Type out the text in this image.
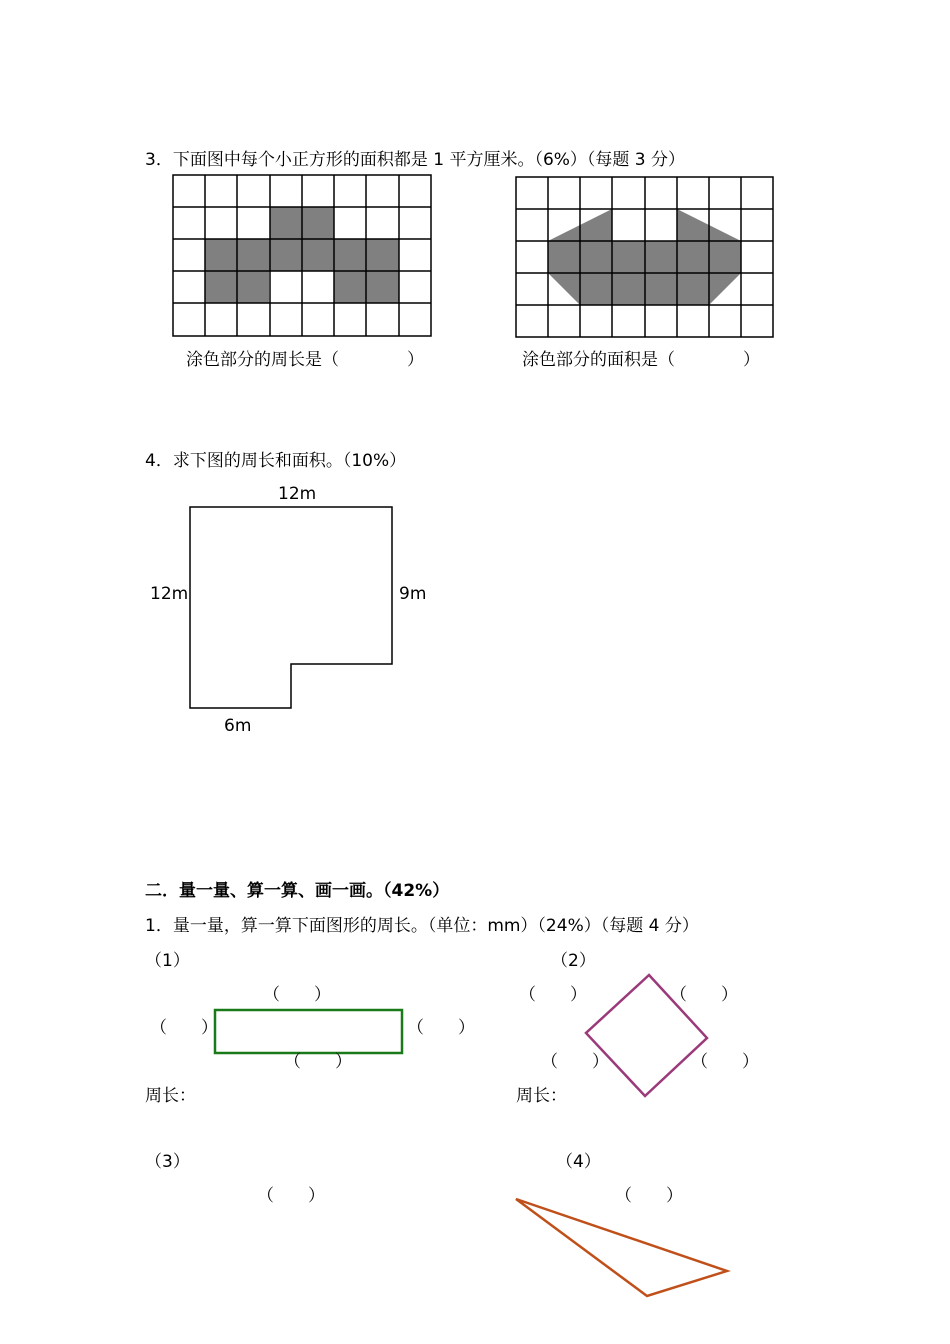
3．下面图中每个小正方形的面积都是 1 平方厘米。（6%）（每题 3 分）
涂色部分的周长是（　　　　）	涂色部分的面积是（　　　　）
4．求下图的周长和面积。（10%）
12m
12m	9m
6m
二．量一量、算一算、画一画。（42%）
1．量一量，算一算下面图形的周长。（单位：mm）（24%）（每题 4 分）
（1）
（　　）
（　　）	（　　）
（　　）
周长：
（2）
（　　）	（　　）
（　　）	（　　）
周长：
（3）
（　　）
（4）
（　　）
